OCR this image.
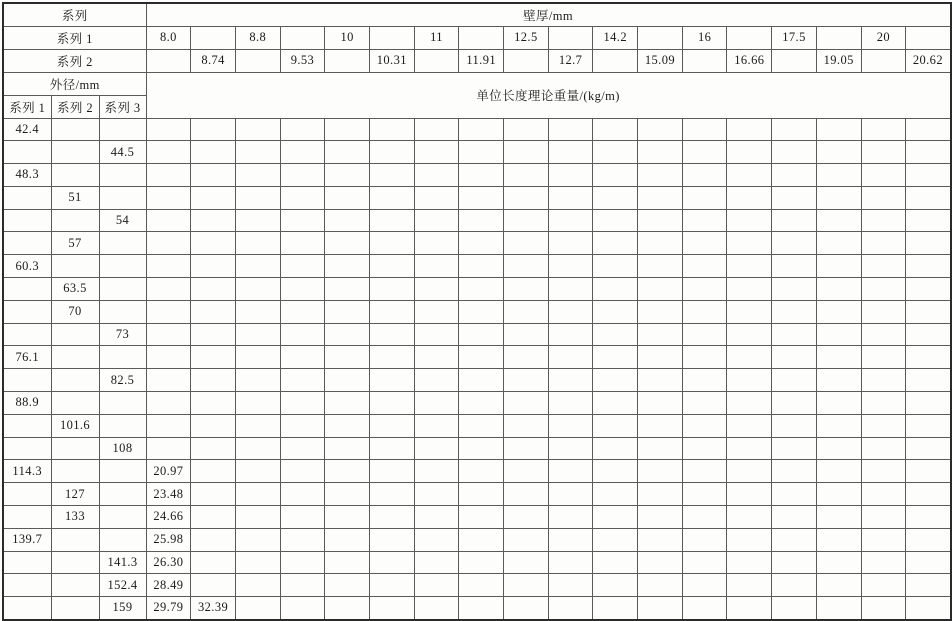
系列			壁厚/mm																	
系列 1			8.0		8.8		10		11		12.5		14.2		16		17.5		20	
系列 2				8.74		9.53		10.31		11.91		12.7		15.09		16.66		19.05		20.62
外径/mm			单位长度理论重量/(kg/m)																	
系列 1	系列 2	系列 3																		
42.4																				
		44.5																		
48.3																				
	51																			
		54																		
	57																			
60.3																				
	63.5																			
	70																			
		73																		
76.1																				
		82.5																		
88.9																				
	101.6																			
		108																		
114.3			20.97																	
	127		23.48																	
	133		24.66																	
139.7			25.98																	
		141.3	26.30																	
		152.4	28.49																	
		159	29.79	32.39																
